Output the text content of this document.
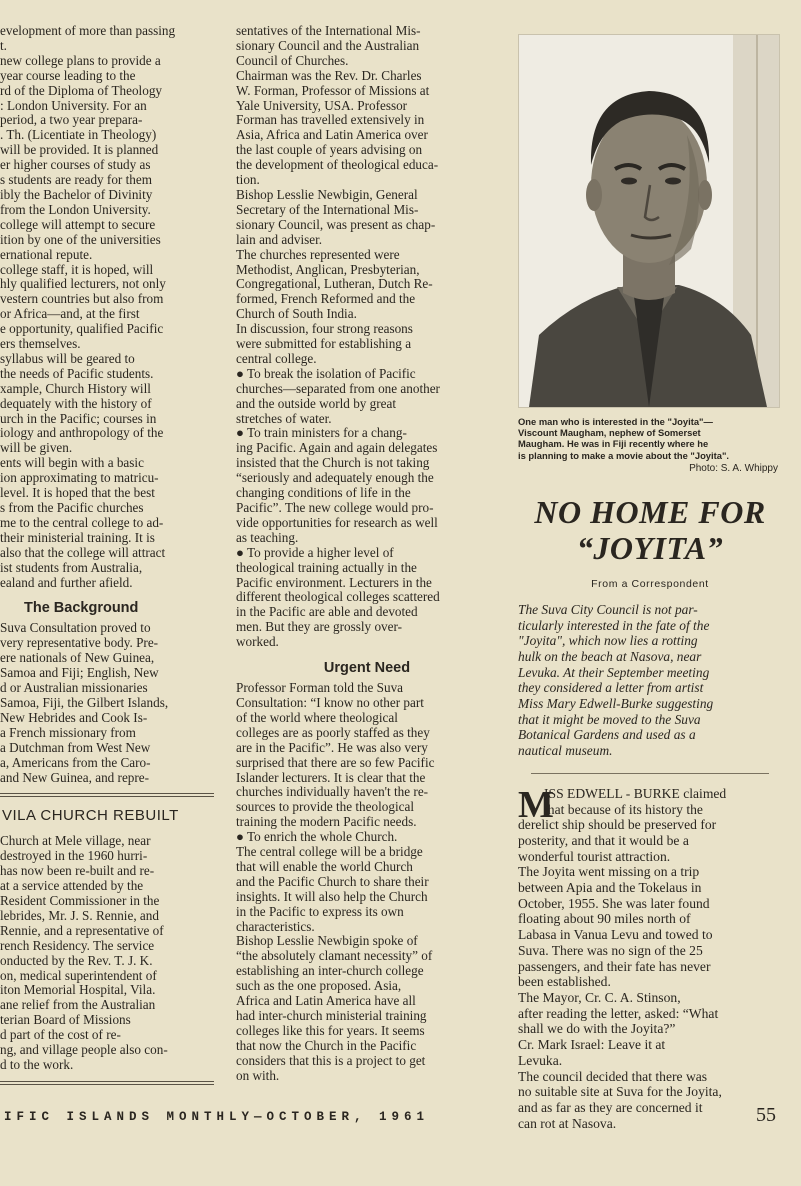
evelopment of more than passing
t.
new college plans to provide a
year course leading to the
rd of the Diploma of Theology
: London University. For an
period, a two year prepara-
. Th. (Licentiate in Theology)
will be provided. It is planned
er higher courses of study as
s students are ready for them
ibly the Bachelor of Divinity
from the London University.
college will attempt to secure
ition by one of the universities
ernational repute.
college staff, it is hoped, will
hly qualified lecturers, not only
vestern countries but also from
or Africa—and, at the first
e opportunity, qualified Pacific
ers themselves.
syllabus will be geared to
the needs of Pacific students.
xample, Church History will
dequately with the history of
urch in the Pacific; courses in
iology and anthropology of the
will be given.
ents will begin with a basic
ion approximating to matricu-
level. It is hoped that the best
s from the Pacific churches
me to the central college to ad-
their ministerial training. It is
also that the college will attract
ist students from Australia,
ealand and further afield.
The Background
Suva Consultation proved to
very representative body. Pre-
ere nationals of New Guinea,
Samoa and Fiji; English, New
d or Australian missionaries
Samoa, Fiji, the Gilbert Islands,
New Hebrides and Cook Is-
a French missionary from
a Dutchman from West New
a, Americans from the Caro-
and New Guinea, and repre-
VILA CHURCH REBUILT
Church at Mele village, near
destroyed in the 1960 hurri-
has now been re-built and re-
at a service attended by the
Resident Commissioner in the
lebrides, Mr. J. S. Rennie, and
Rennie, and a representative of
rench Residency. The service
onducted by the Rev. T. J. K.
on, medical superintendent of
iton Memorial Hospital, Vila.
ane relief from the Australian
terian Board of Missions
d part of the cost of re-
ng, and village people also con-
d to the work.
sentatives of the International Mis-
sionary Council and the Australian
Council of Churches.
Chairman was the Rev. Dr. Charles
W. Forman, Professor of Missions at
Yale University, USA. Professor
Forman has travelled extensively in
Asia, Africa and Latin America over
the last couple of years advising on
the development of theological educa-
tion.
Bishop Lesslie Newbigin, General
Secretary of the International Mis-
sionary Council, was present as chap-
lain and adviser.
The churches represented were
Methodist, Anglican, Presbyterian,
Congregational, Lutheran, Dutch Re-
formed, French Reformed and the
Church of South India.
In discussion, four strong reasons
were submitted for establishing a
central college.
● To break the isolation of Pacific
churches—separated from one another
and the outside world by great
stretches of water.
● To train ministers for a chang-
ing Pacific. Again and again delegates
insisted that the Church is not taking
“seriously and adequately enough the
changing conditions of life in the
Pacific”. The new college would pro-
vide opportunities for research as well
as teaching.
● To provide a higher level of
theological training actually in the
Pacific environment. Lecturers in the
different theological colleges scattered
in the Pacific are able and devoted
men. But they are grossly over-
worked.
Urgent Need
Professor Forman told the Suva
Consultation: “I know no other part
of the world where theological
colleges are as poorly staffed as they
are in the Pacific”. He was also very
surprised that there are so few Pacific
Islander lecturers. It is clear that the
churches individually haven't the re-
sources to provide the theological
training the modern Pacific needs.
● To enrich the whole Church.
The central college will be a bridge
that will enable the world Church
and the Pacific Church to share their
insights. It will also help the Church
in the Pacific to express its own
characteristics.
Bishop Lesslie Newbigin spoke of
“the absolutely clamant necessity” of
establishing an inter-church college
such as the one proposed. Asia,
Africa and Latin America have all
had inter-church ministerial training
colleges like this for years. It seems
that now the Church in the Pacific
considers that this is a project to get
on with.
One man who is interested in the "Joyita"—
Viscount Maugham, nephew of Somerset
Maugham. He was in Fiji recently where he
is planning to make a movie about the "Joyita".
Photo: S. A. Whippy
NO HOME FOR
“JOYITA”
From a Correspondent
The Suva City Council is not par-
ticularly interested in the fate of the
"Joyita", which now lies a rotting
hulk on the beach at Nasova, near
Levuka. At their September meeting
they considered a letter from artist
Miss Mary Edwell-Burke suggesting
that it might be moved to the Suva
Botanical Gardens and used as a
nautical museum.
M
ISS EDWELL - BURKE claimed
that because of its history the
derelict ship should be preserved for
posterity, and that it would be a
wonderful tourist attraction.
The Joyita went missing on a trip
between Apia and the Tokelaus in
October, 1955. She was later found
floating about 90 miles north of
Labasa in Vanua Levu and towed to
Suva. There was no sign of the 25
passengers, and their fate has never
been established.
The Mayor, Cr. C. A. Stinson,
after reading the letter, asked: “What
shall we do with the Joyita?”
Cr. Mark Israel: Leave it at
Levuka.
The council decided that there was
no suitable site at Suva for the Joyita,
and as far as they are concerned it
can rot at Nasova.
IFIC ISLANDS MONTHLY—OCTOBER, 1961	55
